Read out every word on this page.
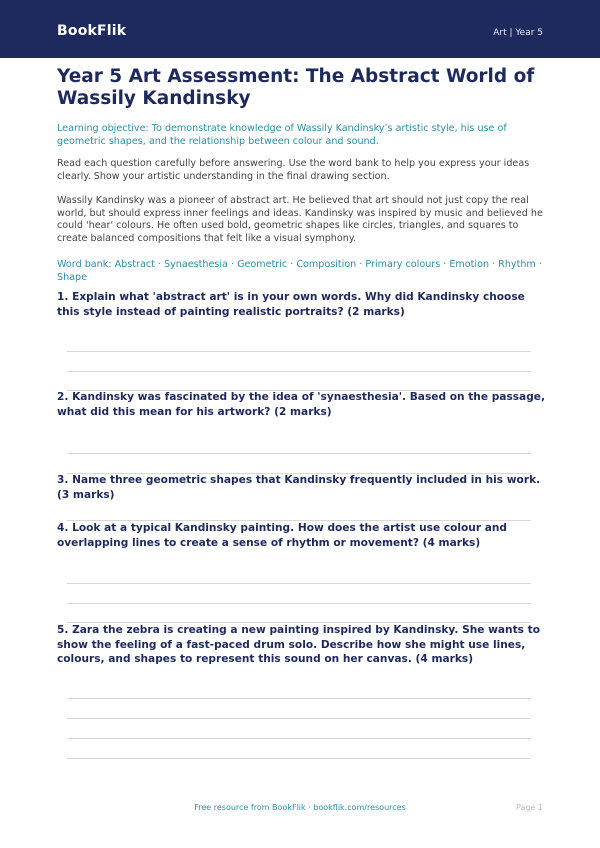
BookFlik	Art | Year 5
Year 5 Art Assessment: The Abstract World of Wassily Kandinsky
Learning objective: To demonstrate knowledge of Wassily Kandinsky’s artistic style, his use of geometric shapes, and the relationship between colour and sound.
Read each question carefully before answering. Use the word bank to help you express your ideas clearly. Show your artistic understanding in the final drawing section.
Wassily Kandinsky was a pioneer of abstract art. He believed that art should not just copy the real world, but should express inner feelings and ideas. Kandinsky was inspired by music and believed he could 'hear' colours. He often used bold, geometric shapes like circles, triangles, and squares to create balanced compositions that felt like a visual symphony.
Word bank: Abstract · Synaesthesia · Geometric · Composition · Primary colours · Emotion · Rhythm · Shape
1. Explain what 'abstract art' is in your own words. Why did Kandinsky choose this style instead of painting realistic portraits? (2 marks)
2. Kandinsky was fascinated by the idea of 'synaesthesia'. Based on the passage, what did this mean for his artwork? (2 marks)
3. Name three geometric shapes that Kandinsky frequently included in his work. (3 marks)
4. Look at a typical Kandinsky painting. How does the artist use colour and overlapping lines to create a sense of rhythm or movement? (4 marks)
5. Zara the zebra is creating a new painting inspired by Kandinsky. She wants to show the feeling of a fast-paced drum solo. Describe how she might use lines, colours, and shapes to represent this sound on her canvas. (4 marks)
Free resource from BookFlik · bookflik.com/resources	Page 1
